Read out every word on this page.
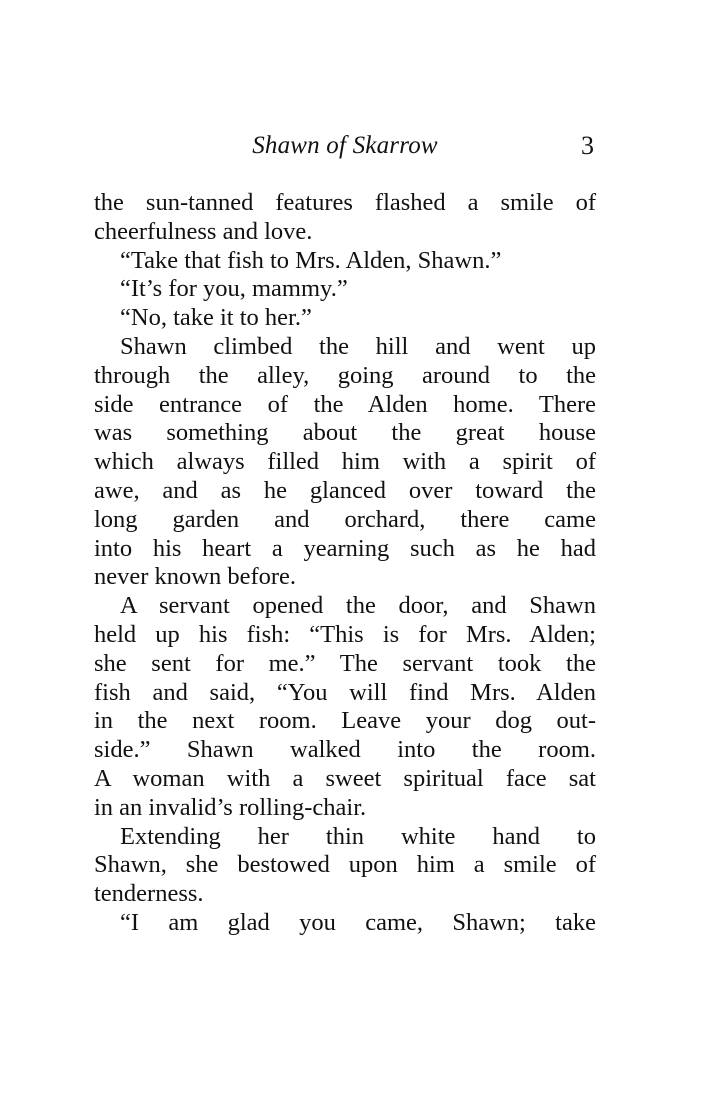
Shawn of Skarrow	3
the sun-tanned features flashed a smile of
cheerfulness and love.
“Take that fish to Mrs. Alden, Shawn.”
“It’s for you, mammy.”
“No, take it to her.”
Shawn climbed the hill and went up
through the alley, going around to the
side entrance of the Alden home. There
was something about the great house
which always filled him with a spirit of
awe, and as he glanced over toward the
long garden and orchard, there came
into his heart a yearning such as he had
never known before.
A servant opened the door, and Shawn
held up his fish: “This is for Mrs. Alden;
she sent for me.” The servant took the
fish and said, “You will find Mrs. Alden
in the next room. Leave your dog out-
side.” Shawn walked into the room.
A woman with a sweet spiritual face sat
in an invalid’s rolling-chair.
Extending her thin white hand to
Shawn, she bestowed upon him a smile of
tenderness.
“I am glad you came, Shawn; take
